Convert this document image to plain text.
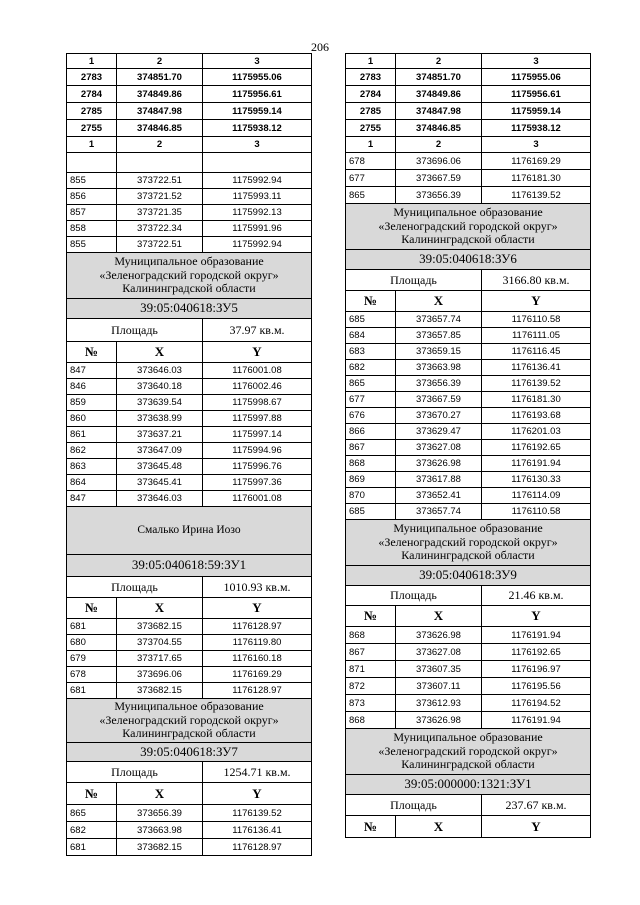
206
1	2	3
2783	374851.70	1175955.06
2784	374849.86	1175956.61
2785	374847.98	1175959.14
2755	374846.85	1175938.12
1	2	3
855	373722.51	1175992.94
856	373721.52	1175993.11
857	373721.35	1175992.13
858	373722.34	1175991.96
855	373722.51	1175992.94
Муниципальное образование «Зеленоградский городской округ» Калининградской области
39:05:040618:ЗУ5
Площадь	37.97 кв.м.
№	X	Y
847	373646.03	1176001.08
846	373640.18	1176002.46
859	373639.54	1175998.67
860	373638.99	1175997.88
861	373637.21	1175997.14
862	373647.09	1175994.96
863	373645.48	1175996.76
864	373645.41	1175997.36
847	373646.03	1176001.08
Смалько Ирина Иозо
39:05:040618:59:ЗУ1
Площадь	1010.93 кв.м.
№	X	Y
681	373682.15	1176128.97
680	373704.55	1176119.80
679	373717.65	1176160.18
678	373696.06	1176169.29
681	373682.15	1176128.97
Муниципальное образование «Зеленоградский городской округ» Калининградской области
39:05:040618:ЗУ7
Площадь	1254.71 кв.м.
№	X	Y
865	373656.39	1176139.52
682	373663.98	1176136.41
681	373682.15	1176128.97
1	2	3
2783	374851.70	1175955.06
2784	374849.86	1175956.61
2785	374847.98	1175959.14
2755	374846.85	1175938.12
1	2	3
678	373696.06	1176169.29
677	373667.59	1176181.30
865	373656.39	1176139.52
Муниципальное образование «Зеленоградский городской округ» Калининградской области
39:05:040618:ЗУ6
Площадь	3166.80 кв.м.
№	X	Y
685	373657.74	1176110.58
684	373657.85	1176111.05
683	373659.15	1176116.45
682	373663.98	1176136.41
865	373656.39	1176139.52
677	373667.59	1176181.30
676	373670.27	1176193.68
866	373629.47	1176201.03
867	373627.08	1176192.65
868	373626.98	1176191.94
869	373617.88	1176130.33
870	373652.41	1176114.09
685	373657.74	1176110.58
Муниципальное образование «Зеленоградский городской округ» Калининградской области
39:05:040618:ЗУ9
Площадь	21.46 кв.м.
№	X	Y
868	373626.98	1176191.94
867	373627.08	1176192.65
871	373607.35	1176196.97
872	373607.11	1176195.56
873	373612.93	1176194.52
868	373626.98	1176191.94
Муниципальное образование «Зеленоградский городской округ» Калининградской области
39:05:000000:1321:ЗУ1
Площадь	237.67 кв.м.
№	X	Y
